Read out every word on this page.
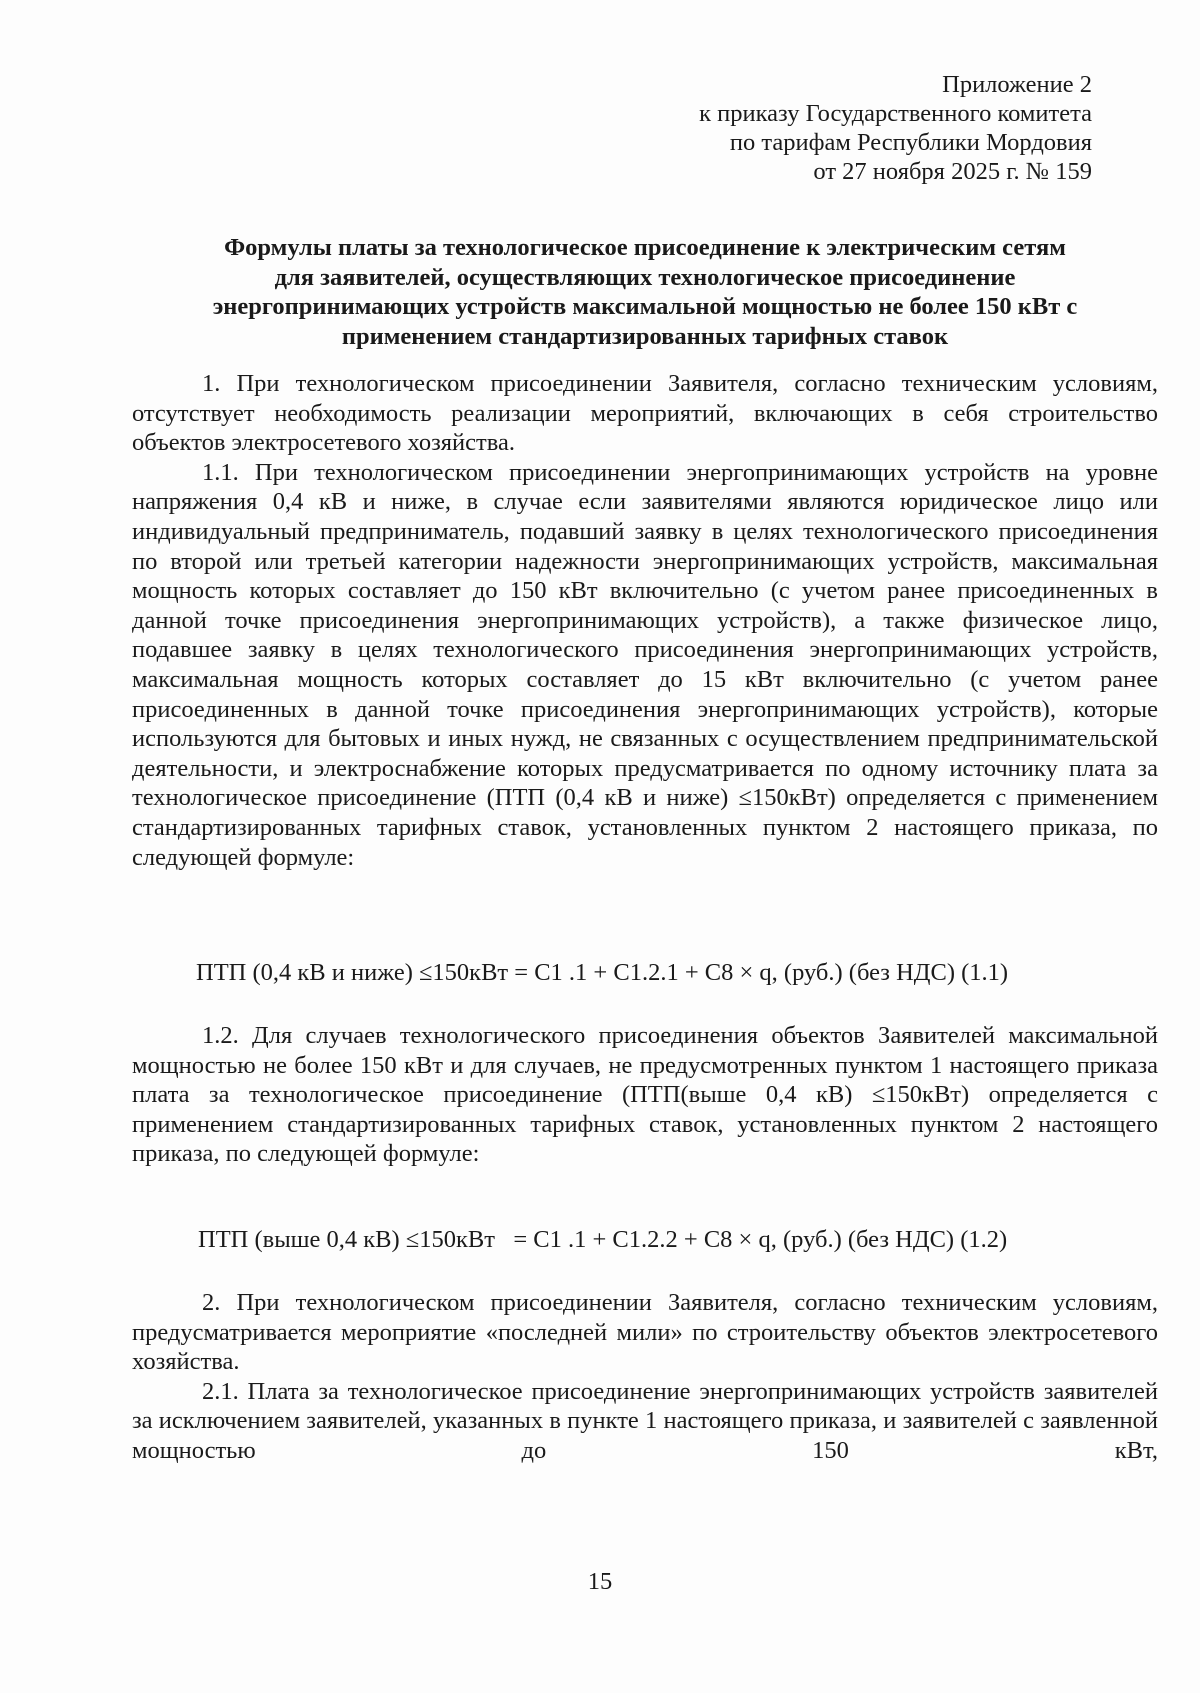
Приложение 2
к приказу Государственного комитета
по тарифам Республики Мордовия
от 27 ноября 2025 г. № 159
Формулы платы за технологическое присоединение к электрическим сетям
для заявителей, осуществляющих технологическое присоединение
энергопринимающих устройств максимальной мощностью не более 150 кВт с
применением стандартизированных тарифных ставок

1. При технологическом присоединении Заявителя, согласно техническим условиям, отсутствует необходимость реализации мероприятий, включающих в себя строительство объектов электросетевого хозяйства.

1.1. При технологическом присоединении энергопринимающих устройств на уровне напряжения 0,4 кВ и ниже, в случае если заявителями являются юридическое лицо или индивидуальный предприниматель, подавший заявку в целях технологического присоединения по второй или третьей категории надежности энергопринимающих устройств, максимальная мощность которых составляет до 150 кВт включительно (с учетом ранее присоединенных в данной точке присоединения энергопринимающих устройств), а также физическое лицо, подавшее заявку в целях технологического присоединения энергопринимающих устройств, максимальная мощность которых составляет до 15 кВт включительно (с учетом ранее присоединенных в данной точке присоединения энергопринимающих устройств), которые используются для бытовых и иных нужд, не связанных с осуществлением предпринимательской деятельности, и электроснабжение которых предусматривается по одному источнику плата за технологическое присоединение (ПТП (0,4 кВ и ниже) ≤150кВт) определяется с применением стандартизированных тарифных ставок, установленных пунктом 2 настоящего приказа, по следующей формуле:

ПТП (0,4 кВ и ниже) ≤150кВт = С1 .1 + С1.2.1 + С8 × q, (руб.) (без НДС) (1.1)

1.2. Для случаев технологического присоединения объектов Заявителей максимальной мощностью не более 150 кВт и для случаев, не предусмотренных пунктом 1 настоящего приказа плата за технологическое присоединение (ПТП(выше 0,4 кВ) ≤150кВт) определяется с применением стандартизированных тарифных ставок, установленных пунктом 2 настоящего приказа, по следующей формуле:

ПТП (выше 0,4 кВ) ≤150кВт   = С1 .1 + С1.2.2 + С8 × q, (руб.) (без НДС) (1.2)

2. При технологическом присоединении Заявителя, согласно техническим условиям, предусматривается мероприятие «последней мили» по строительству объектов электросетевого хозяйства.

2.1. Плата за технологическое присоединение энергопринимающих устройств заявителей за исключением заявителей, указанных в пункте 1 настоящего приказа, и заявителей с заявленной мощностью до 150 кВт,

15
